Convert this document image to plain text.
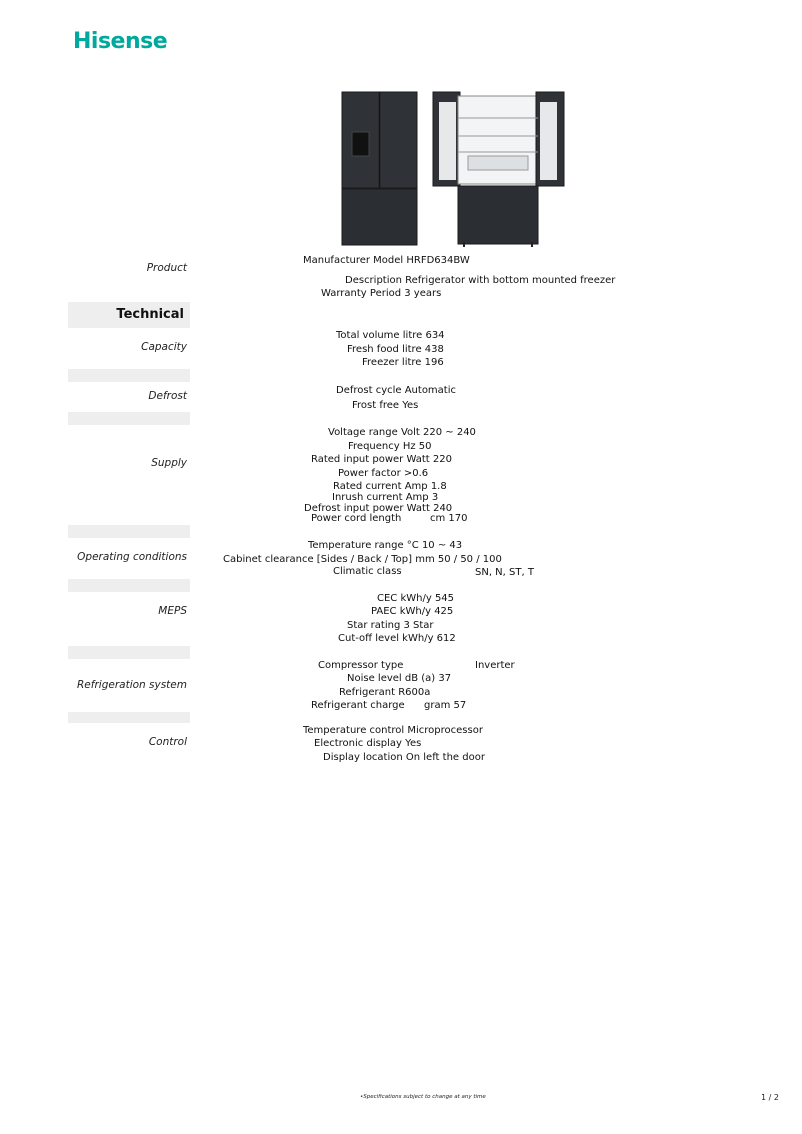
Hisense
Product
Manufacturer Model HRFD634BW
Description Refrigerator with bottom mounted freezer
Warranty Period 3 years
Technical
Capacity
Total volume litre 634
Fresh food litre 438
Freezer litre 196
Defrost	Defrost cycle Automatic
Frost free Yes
Supply
Voltage range Volt 220 ~ 240
Frequency Hz 50
Rated input power Watt 220
Power factor >0.6
Rated current Amp 1.8
Inrush current Amp 3
Defrost input power Watt 240
Power cord length	cm 170
Operating conditions
Temperature range °C 10 ~ 43
Cabinet clearance [Sides / Back / Top] mm 50 / 50 / 100
Climatic class	SN, N, ST, T
MEPS
CEC kWh/y 545
PAEC kWh/y 425
Star rating 3 Star
Cut-off level kWh/y 612
Refrigeration system
Compressor type	Inverter
Noise level dB (a) 37
Refrigerant R600a
Refrigerant charge gram 57
Control
Temperature control Microprocessor
Electronic display Yes
Display location On left the door
•Specifications subject to change at any time	1 / 2
